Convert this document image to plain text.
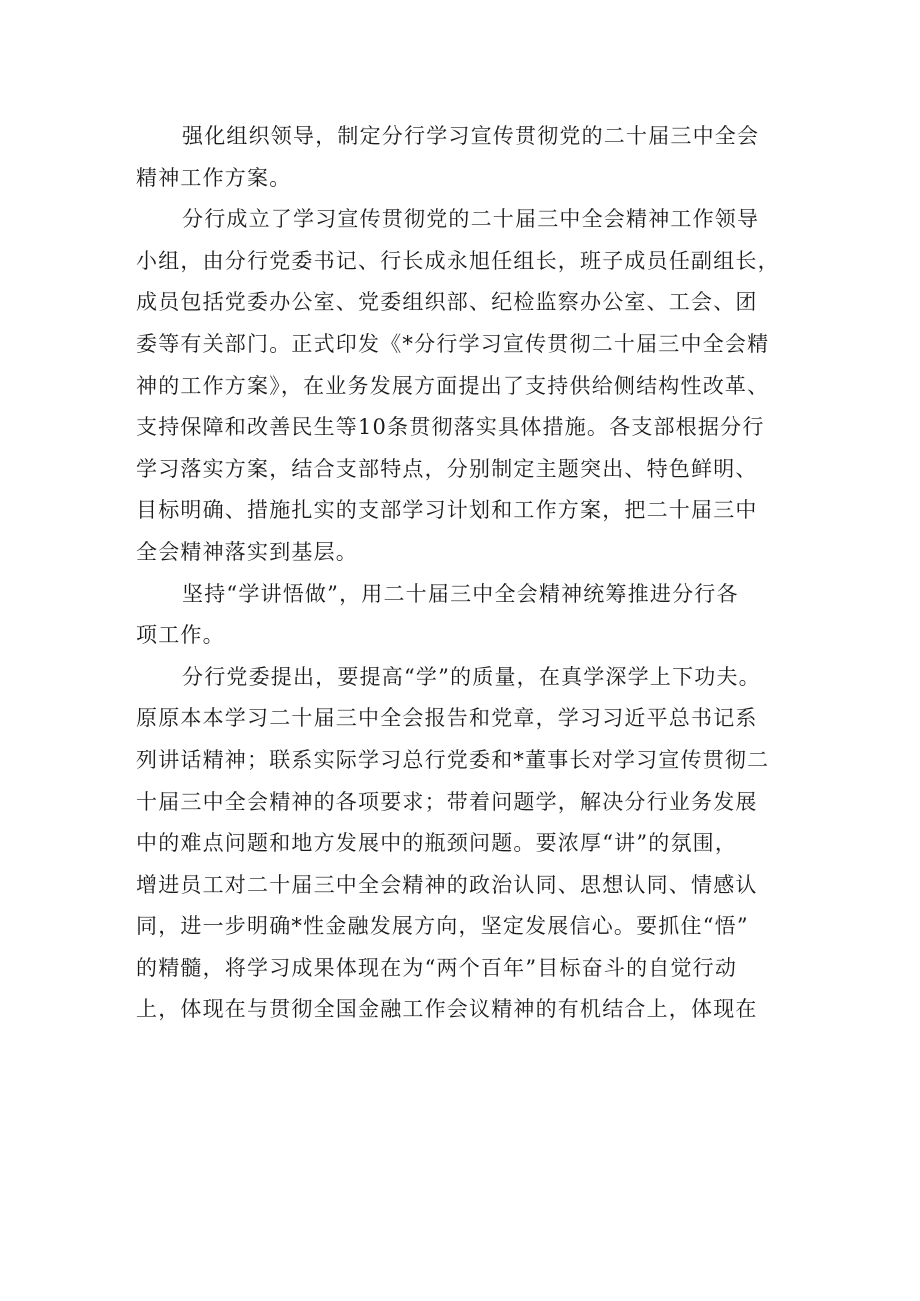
强化组织领导，制定分行学习宣传贯彻党的二十届三中全会
精神工作方案。
分行成立了学习宣传贯彻党的二十届三中全会精神工作领导
小组，由分行党委书记、行长成永旭任组长，班子成员任副组长，
成员包括党委办公室、党委组织部、纪检监察办公室、工会、团
委等有关部门。正式印发《*分行学习宣传贯彻二十届三中全会精
神的工作方案》，在业务发展方面提出了支持供给侧结构性改革、
支持保障和改善民生等10条贯彻落实具体措施。各支部根据分行
学习落实方案，结合支部特点，分别制定主题突出、特色鲜明、
目标明确、措施扎实的支部学习计划和工作方案，把二十届三中
全会精神落实到基层。
坚持“学讲悟做”，用二十届三中全会精神统筹推进分行各
项工作。
分行党委提出，要提高“学”的质量，在真学深学上下功夫。
原原本本学习二十届三中全会报告和党章，学习习近平总书记系
列讲话精神；联系实际学习总行党委和*董事长对学习宣传贯彻二
十届三中全会精神的各项要求；带着问题学，解决分行业务发展
中的难点问题和地方发展中的瓶颈问题。要浓厚“讲”的氛围，
增进员工对二十届三中全会精神的政治认同、思想认同、情感认
同，进一步明确*性金融发展方向，坚定发展信心。要抓住“悟”
的精髓，将学习成果体现在为“两个百年”目标奋斗的自觉行动
上，体现在与贯彻全国金融工作会议精神的有机结合上，体现在
